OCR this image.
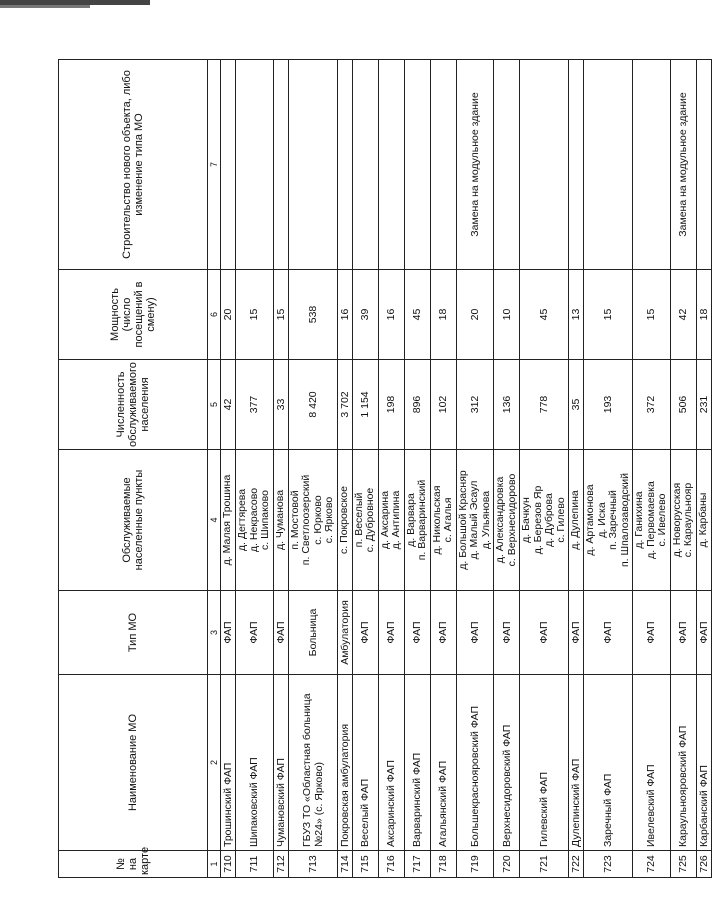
№ на карте	Наименование МО	Тип МО	Обслуживаемые населенные пункты	Численность обслуживаемого населения	Мощность (число посещений в смену)	Строительство нового объекта, либо изменение типа МО
1	2	3	4	5	6	7
710	Трошинский ФАП	ФАП	д. Малая Трошина	42	20	
711	Шипаковский ФАП	ФАП	д. Дегтярева д. Некрасово с. Шипаково	377	15	
712	Чумановский ФАП	ФАП	д. Чуманова	33	15	
713	ГБУЗ ТО «Областная больница №24» (с. Ярково)	Больница	п. Мостовой п. Светлоозерский с. Юрково с. Ярково	8 420	538	
714	Покровская амбулатория	Амбулатория	с. Покровское	3 702	16	
715	Веселый ФАП	ФАП	п. Веселый с. Дубровное	1 154	39	
716	Аксаринский ФАП	ФАП	д. Аксарина д. Антипина	198	16	
717	Варваринский ФАП	ФАП	д. Варвара п. Варваринский	896	45	
718	Агальянский ФАП	ФАП	д. Никольская с. Агалья	102	18	
719	Большекраснояровский ФАП	ФАП	д. Большой Красняр д. Малый Эсаул д. Ульянова	312	20	Замена на модульное здание
720	Верхнесидоровский ФАП	ФАП	д. Александровка с. Верхнесидорово	136	10	
721	Гилевский ФАП	ФАП	д. Бачкун д. Березов Яр д. Дуброва с. Гилево	778	45	
722	Дулепинский ФАП	ФАП	д. Дулепина	35	13	
723	Заречный ФАП	ФАП	д. Артамонова д. Иска п. Заречный п. Шпалозаводский	193	15	
724	Ивелевский ФАП	ФАП	д. Ганихина д. Первомаевка с. Ивелево	372	15	
725	Караульнояровский ФАП	ФАП	д. Новорусская с. Караульнояр	506	42	Замена на модульное здание
726	Карбанский ФАП	ФАП	д. Карбаны	231	18	
